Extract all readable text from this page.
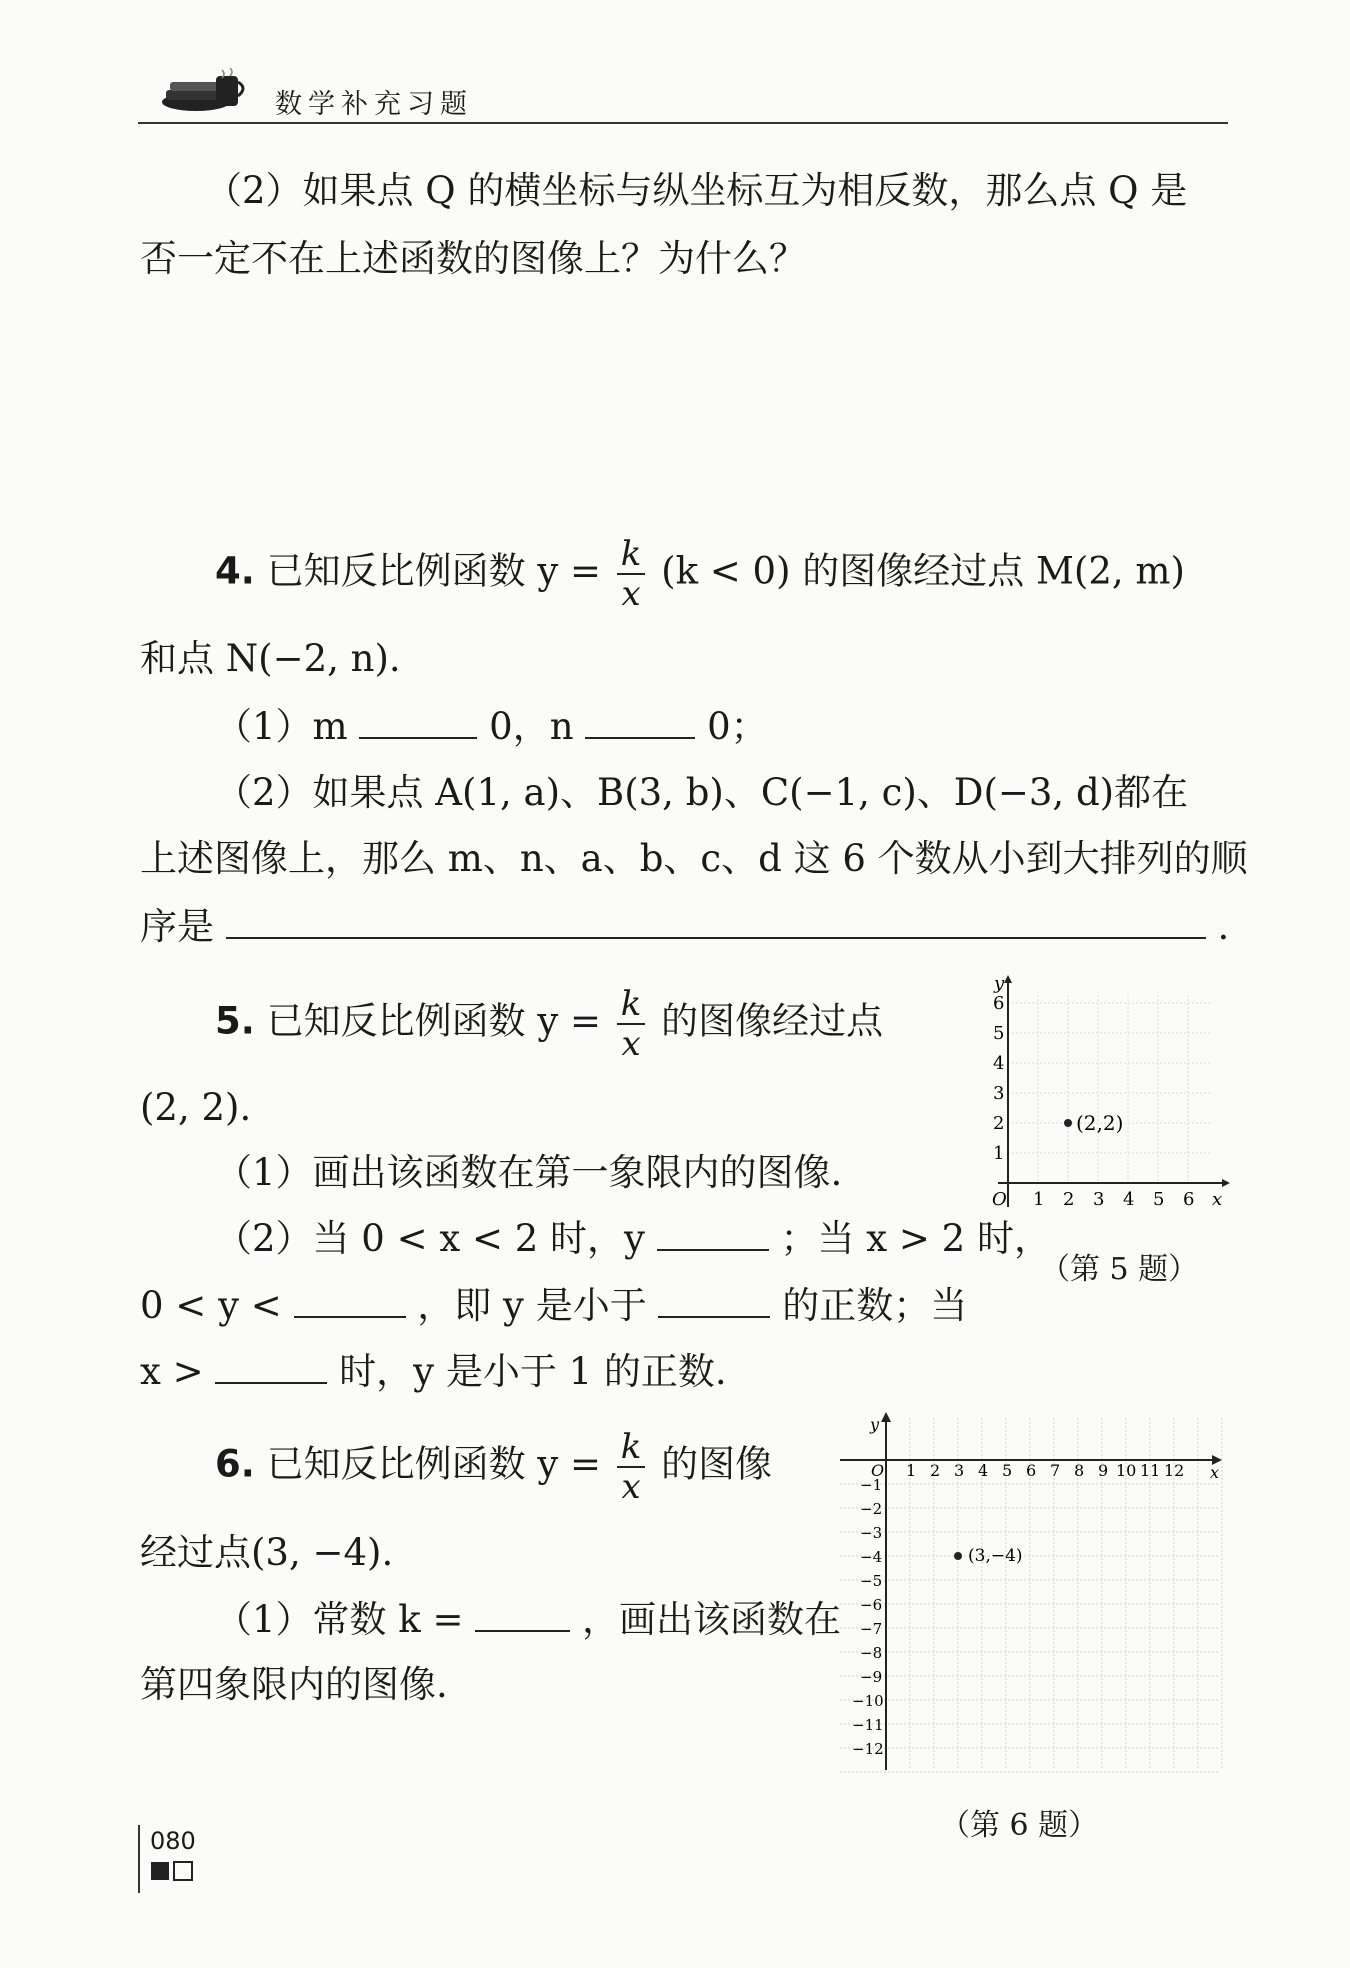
数学补充习题
（2）如果点 Q 的横坐标与纵坐标互为相反数，那么点 Q 是
否一定不在上述函数的图像上？为什么？
4. 已知反比例函数 $y = \frac{k}{x} (k < 0)$ 的图像经过点 M(2, m)
和点 N(−2, n).
（1）m	0，n	0；
（2）如果点 A(1, a)、B(3, b)、C(−1, c)、D(−3, d)都在
上述图像上，那么 m、n、a、b、c、d 这 6 个数从小到大排列的顺
序是	.
5. 已知反比例函数 $y = \frac{k}{x}$ 的图像经过点
(2, 2).
（1）画出该函数在第一象限内的图像.
（2）当 0 < x < 2 时，y	；当 x > 2 时，
0 < y <	，即 y 是小于	的正数；当
x >	时，y 是小于 1 的正数.
y
x
O 1 2 3 4 5 6
1
2
3
4
5
6
(2,2)
（第 5 题）
6. 已知反比例函数 $y = \frac{k}{x}$ 的图像
经过点(3, −4).
（1）常数 k =	，画出该函数在
第四象限内的图像.
y
x
O 1 2 3 4 5 6 7 8 9 10 11 12
−1
−2
−3
−4
−5
−6
−7
−8
−9
−10
−11
−12
(3,−4)
（第 6 题）
080
